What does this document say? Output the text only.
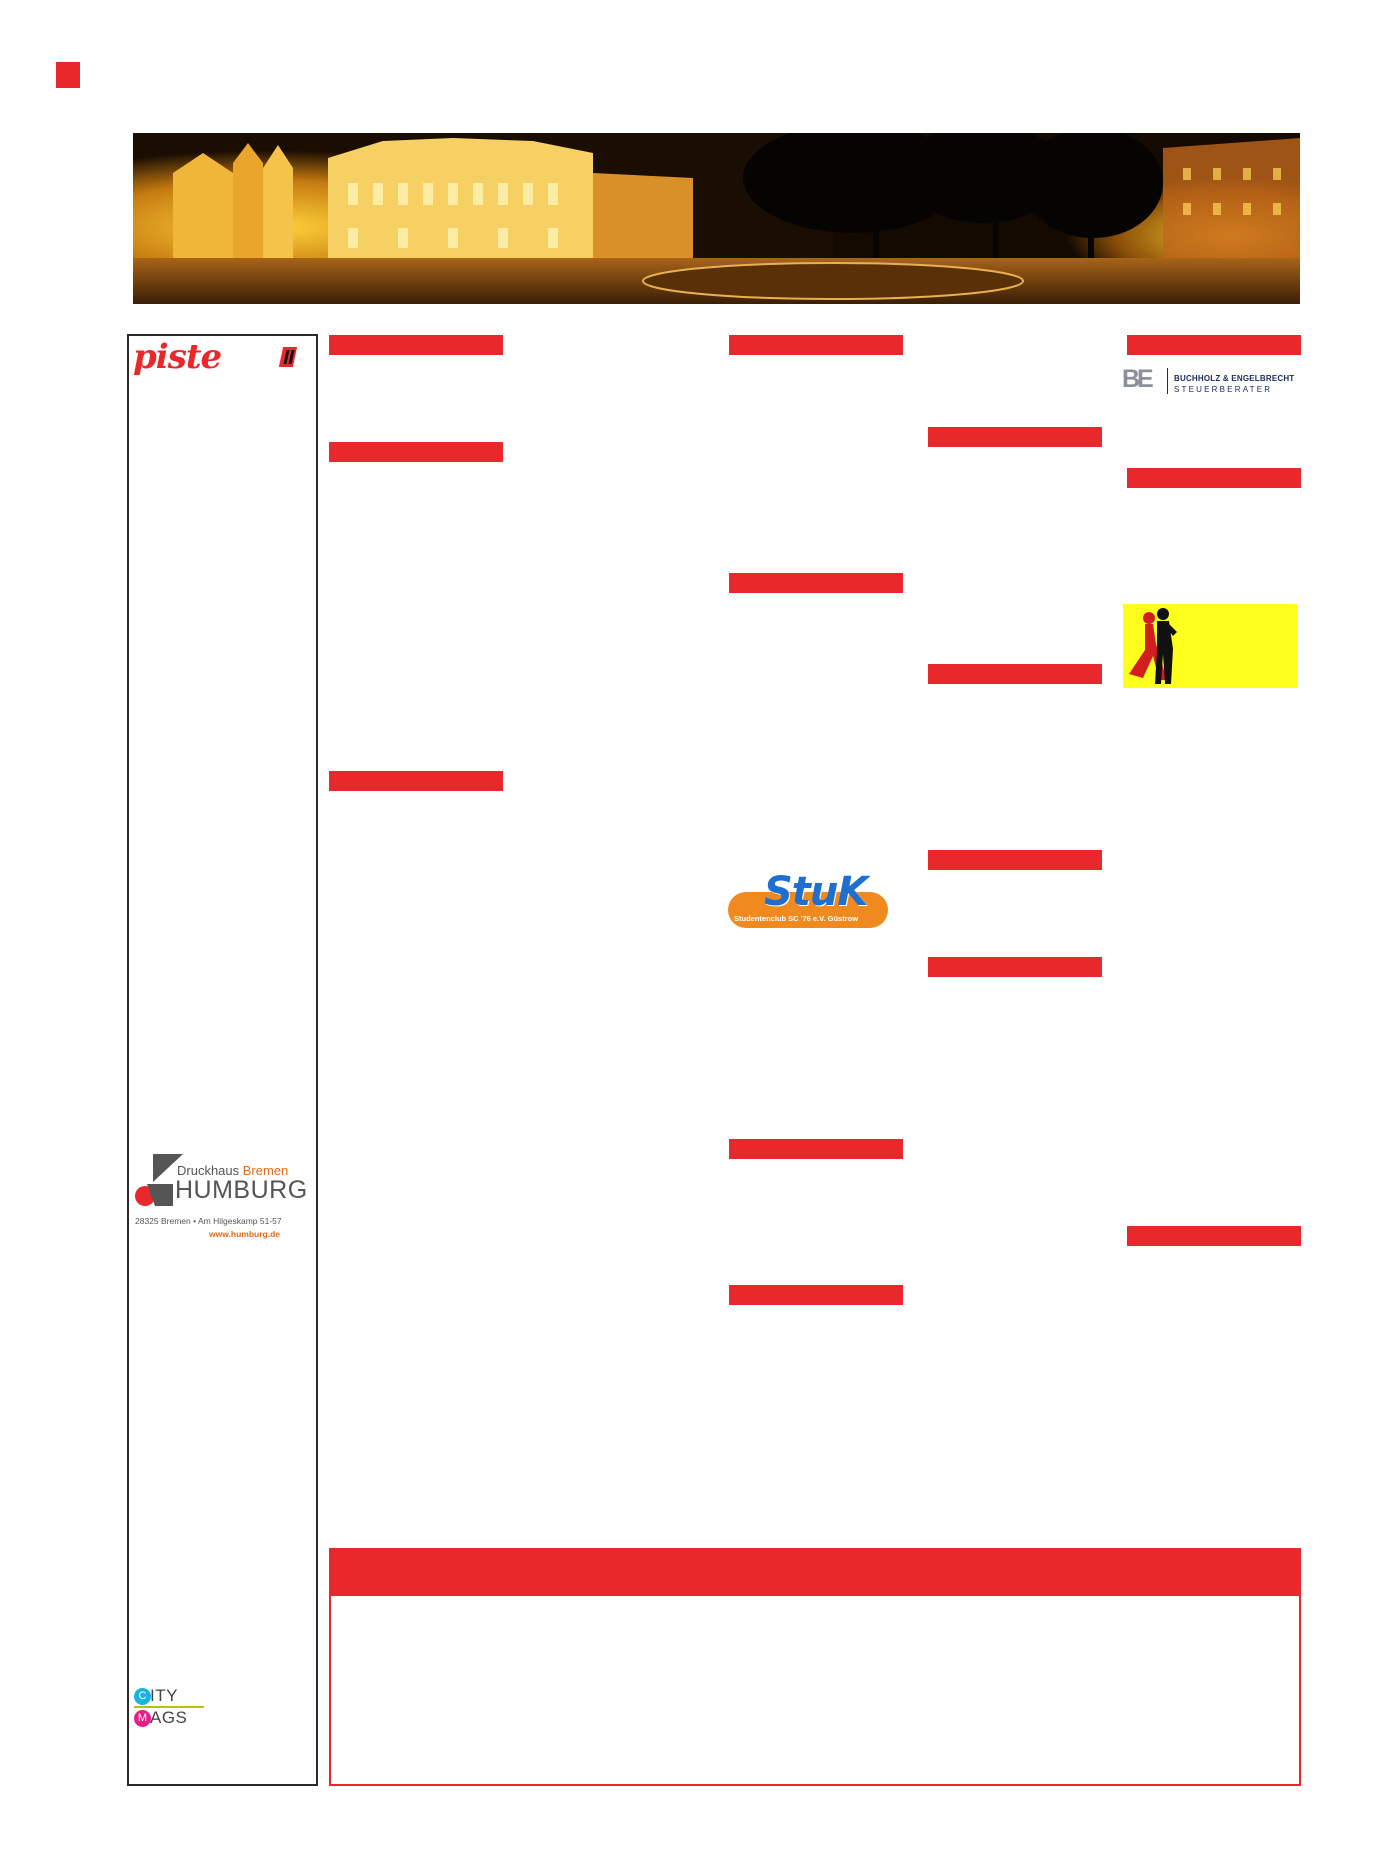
piste
BE	BUCHHOLZ & ENGELBRECHT
STEUERBERATER
StuK
Studentenclub SC '76 e.V. Güstrow
Druckhaus Bremen
HUMBURG
28325 Bremen • Am Hilgeskamp 51-57
www.humburg.de
C ITY
M AGS
